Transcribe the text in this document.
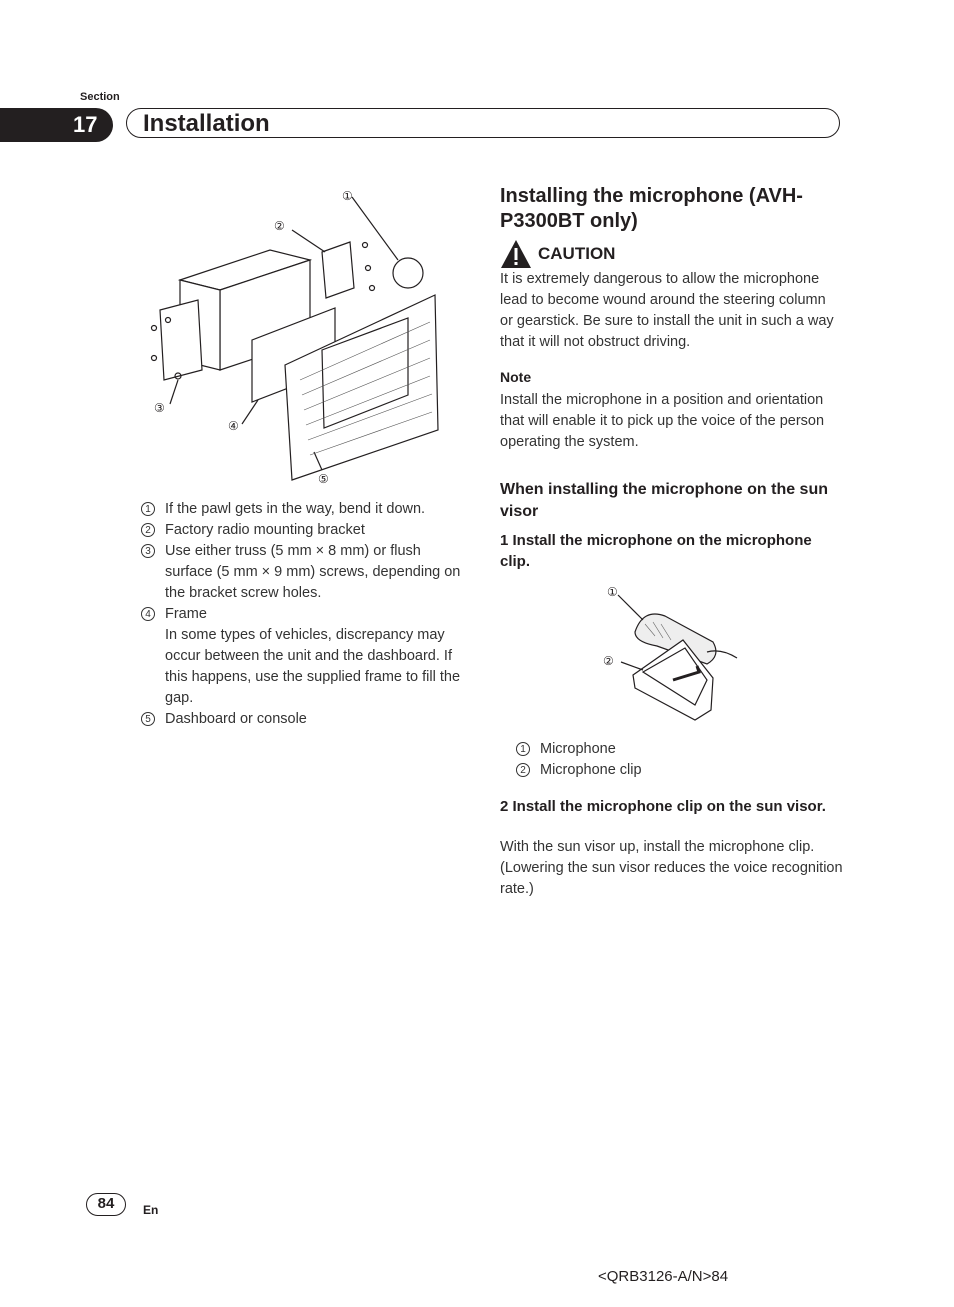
Section
17	Installation
①
②
③
④
⑤
1 If the pawl gets in the way, bend it down.
2 Factory radio mounting bracket
3 Use either truss (5 mm × 8 mm) or flush surface (5 mm × 9 mm) screws, depending on the bracket screw holes.
4 Frame
In some types of vehicles, discrepancy may occur between the unit and the dashboard. If this happens, use the supplied frame to fill the gap.
5 Dashboard or console
Installing the microphone (AVH-P3300BT only)
CAUTION
It is extremely dangerous to allow the microphone lead to become wound around the steering column or gearstick. Be sure to install the unit in such a way that it will not obstruct driving.
Note
Install the microphone in a position and orientation that will enable it to pick up the voice of the person operating the system.
When installing the microphone on the sun visor
1 Install the microphone on the microphone clip.
①
②
1 Microphone
2 Microphone clip
2 Install the microphone clip on the sun visor.
With the sun visor up, install the microphone clip. (Lowering the sun visor reduces the voice recognition rate.)
84	En
<QRB3126-A/N>84
